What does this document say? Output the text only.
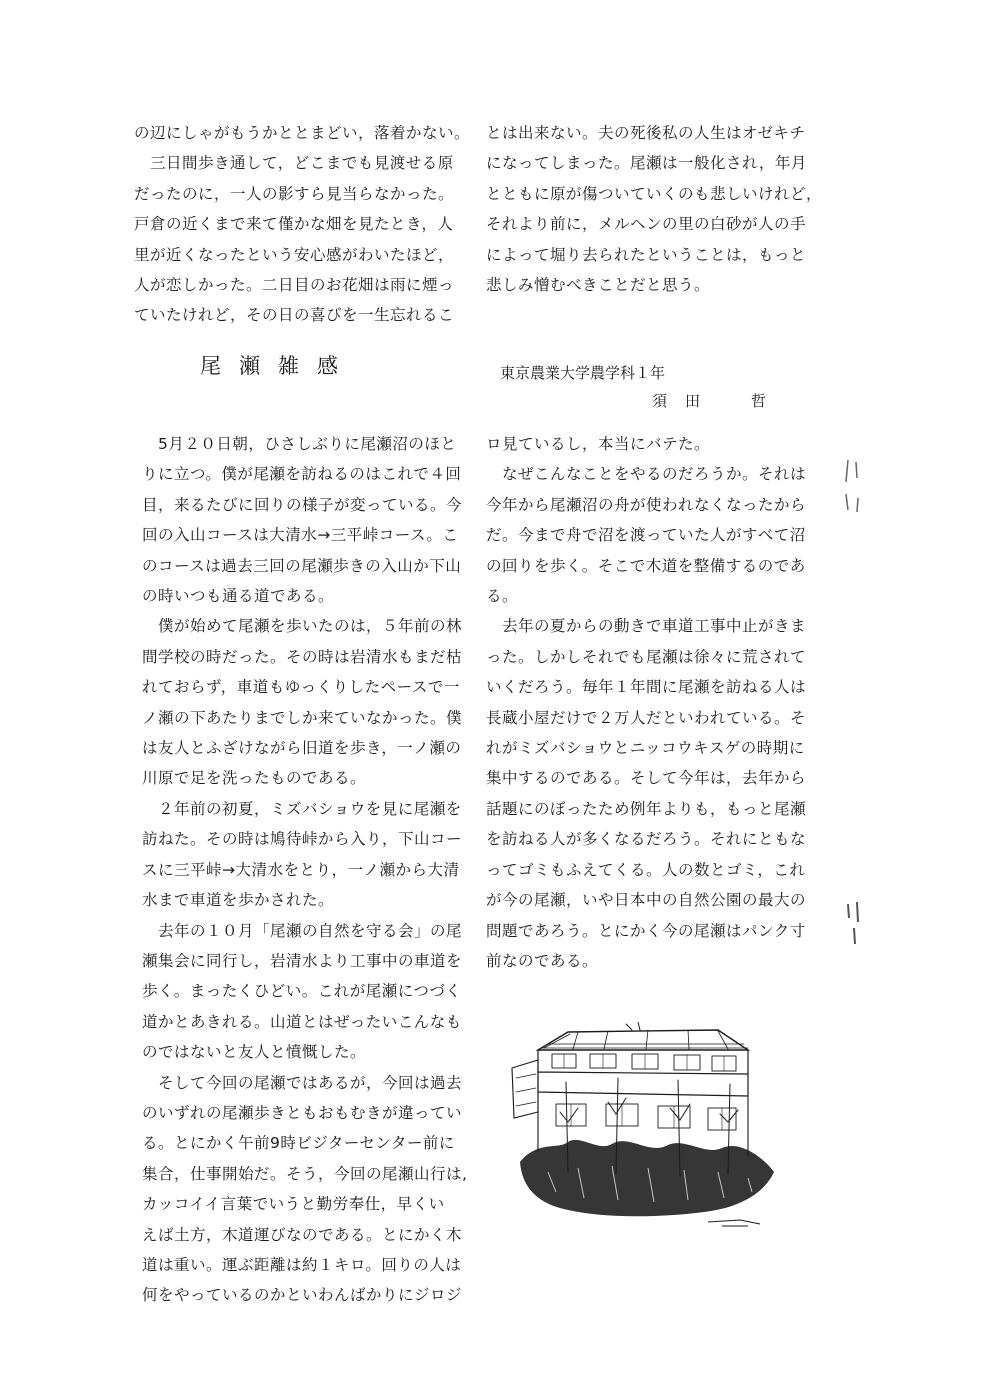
の辺にしゃがもうかととまどい，落着かない。

　三日間歩き通して，どこまでも見渡せる原

だったのに，一人の影すら見当らなかった。

戸倉の近くまで来て僅かな畑を見たとき，人

里が近くなったという安心感がわいたほど，

人が恋しかった。二日目のお花畑は雨に煙っ

ていたけれど，その日の喜びを一生忘れるこ

とは出来ない。夫の死後私の人生はオゼキチ

になってしまった。尾瀬は一般化され，年月

とともに原が傷ついていくのも悲しいけれど，

それより前に，メルヘンの里の白砂が人の手

によって堀り去られたということは，もっと

悲しみ憎むべきことだと思う。

尾瀬雑感	東京農業大学農学科１年
須田　哲

　5月２０日朝，ひさしぶりに尾瀬沼のほと

りに立つ。僕が尾瀬を訪ねるのはこれで４回

目，来るたびに回りの様子が変っている。今

回の入山コースは大清水→三平峠コース。こ

のコースは過去三回の尾瀬歩きの入山か下山

の時いつも通る道である。

　僕が始めて尾瀬を歩いたのは，５年前の林

間学校の時だった。その時は岩清水もまだ枯

れておらず，車道もゆっくりしたペースで一

ノ瀬の下あたりまでしか来ていなかった。僕

は友人とふざけながら旧道を歩き，一ノ瀬の

川原で足を洗ったものである。

　２年前の初夏，ミズバショウを見に尾瀬を

訪ねた。その時は鳩待峠から入り，下山コー

スに三平峠→大清水をとり，一ノ瀬から大清

水まで車道を歩かされた。

　去年の１０月「尾瀬の自然を守る会」の尾

瀬集会に同行し，岩清水より工事中の車道を

歩く。まったくひどい。これが尾瀬につづく

道かとあきれる。山道とはぜったいこんなも

のではないと友人と憤慨した。

　そして今回の尾瀬ではあるが，今回は過去

のいずれの尾瀬歩きともおもむきが違ってい

る。とにかく午前9時ビジターセンター前に

集合，仕事開始だ。そう，今回の尾瀬山行は,

カッコイイ言葉でいうと勤労奉仕，早くい

えば土方，木道運びなのである。とにかく木

道は重い。運ぶ距離は約１キロ。回りの人は

何をやっているのかといわんばかりにジロジ

ロ見ているし，本当にバテた。

　なぜこんなことをやるのだろうか。それは

今年から尾瀬沼の舟が使われなくなったから

だ。今まで舟で沼を渡っていた人がすべて沼

の回りを歩く。そこで木道を整備するのであ

る。

　去年の夏からの動きで車道工事中止がきま

った。しかしそれでも尾瀬は徐々に荒されて

いくだろう。毎年１年間に尾瀬を訪ねる人は

長蔵小屋だけで２万人だといわれている。そ

れがミズバショウとニッコウキスゲの時期に

集中するのである。そして今年は，去年から

話題にのぼったため例年よりも，もっと尾瀬

を訪ねる人が多くなるだろう。それにともな

ってゴミもふえてくる。人の数とゴミ，これ

が今の尾瀬，いや日本中の自然公園の最大の

問題であろう。とにかく今の尾瀬はパンク寸

前なのである。
